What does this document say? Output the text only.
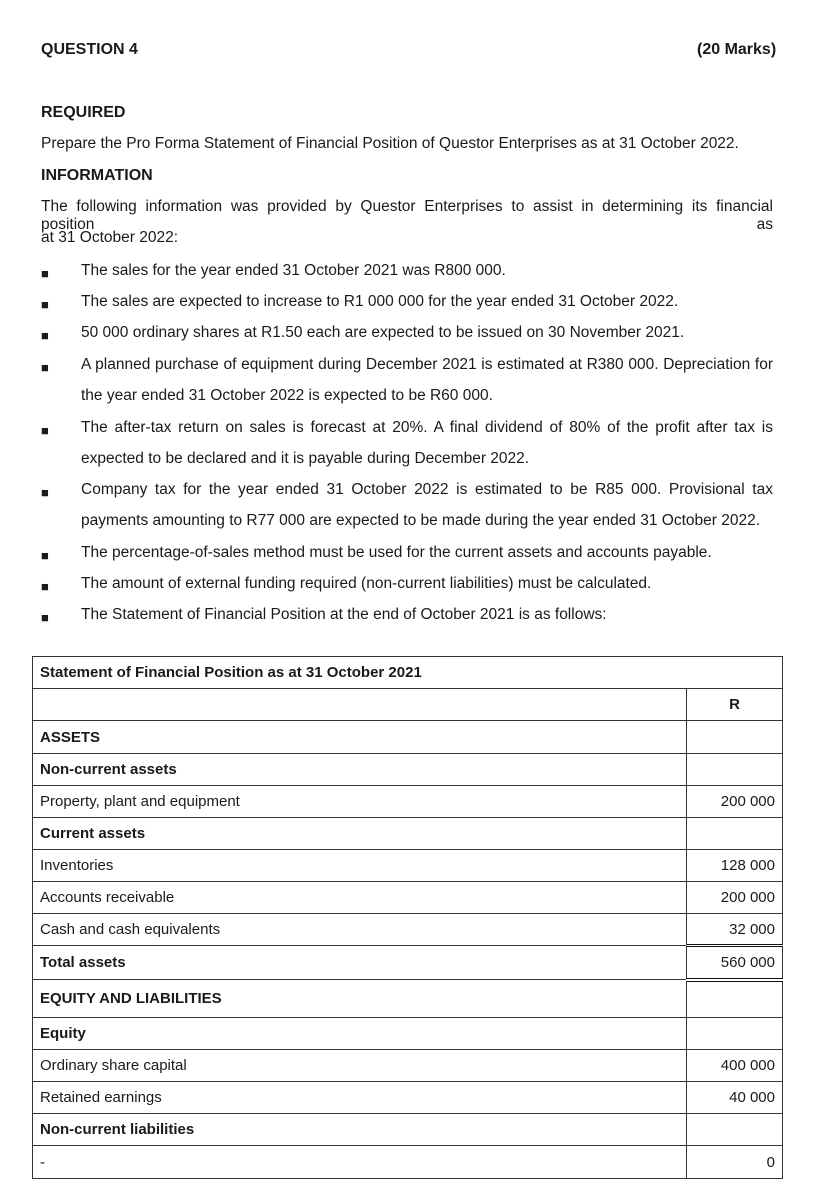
QUESTION 4	(20 Marks)
REQUIRED
Prepare the Pro Forma Statement of Financial Position of Questor Enterprises as at 31 October 2022.
INFORMATION
The following information was provided by Questor Enterprises to assist in determining its financial position as
at 31 October 2022:
■ The sales for the year ended 31 October 2021 was R800 000.
■ The sales are expected to increase to R1 000 000 for the year ended 31 October 2022.
■ 50 000 ordinary shares at R1.50 each are expected to be issued on 30 November 2021.
■ A planned purchase of equipment during December 2021 is estimated at R380 000. Depreciation for the year ended 31 October 2022 is expected to be R60 000.
■ The after-tax return on sales is forecast at 20%. A final dividend of 80% of the profit after tax is expected to be declared and it is payable during December 2022.
■ Company tax for the year ended 31 October 2022 is estimated to be R85 000. Provisional tax payments amounting to R77 000 are expected to be made during the year ended 31 October 2022.
■ The percentage-of-sales method must be used for the current assets and accounts payable.
■ The amount of external funding required (non-current liabilities) must be calculated.
■ The Statement of Financial Position at the end of October 2021 is as follows:
Statement of Financial Position as at 31 October 2021	
	R
ASSETS	
Non-current assets	
Property, plant and equipment	200 000
Current assets	
Inventories	128 000
Accounts receivable	200 000
Cash and cash equivalents	32 000
Total assets	560 000
EQUITY AND LIABILITIES	
Equity	
Ordinary share capital	400 000
Retained earnings	40 000
Non-current liabilities	
-	0
